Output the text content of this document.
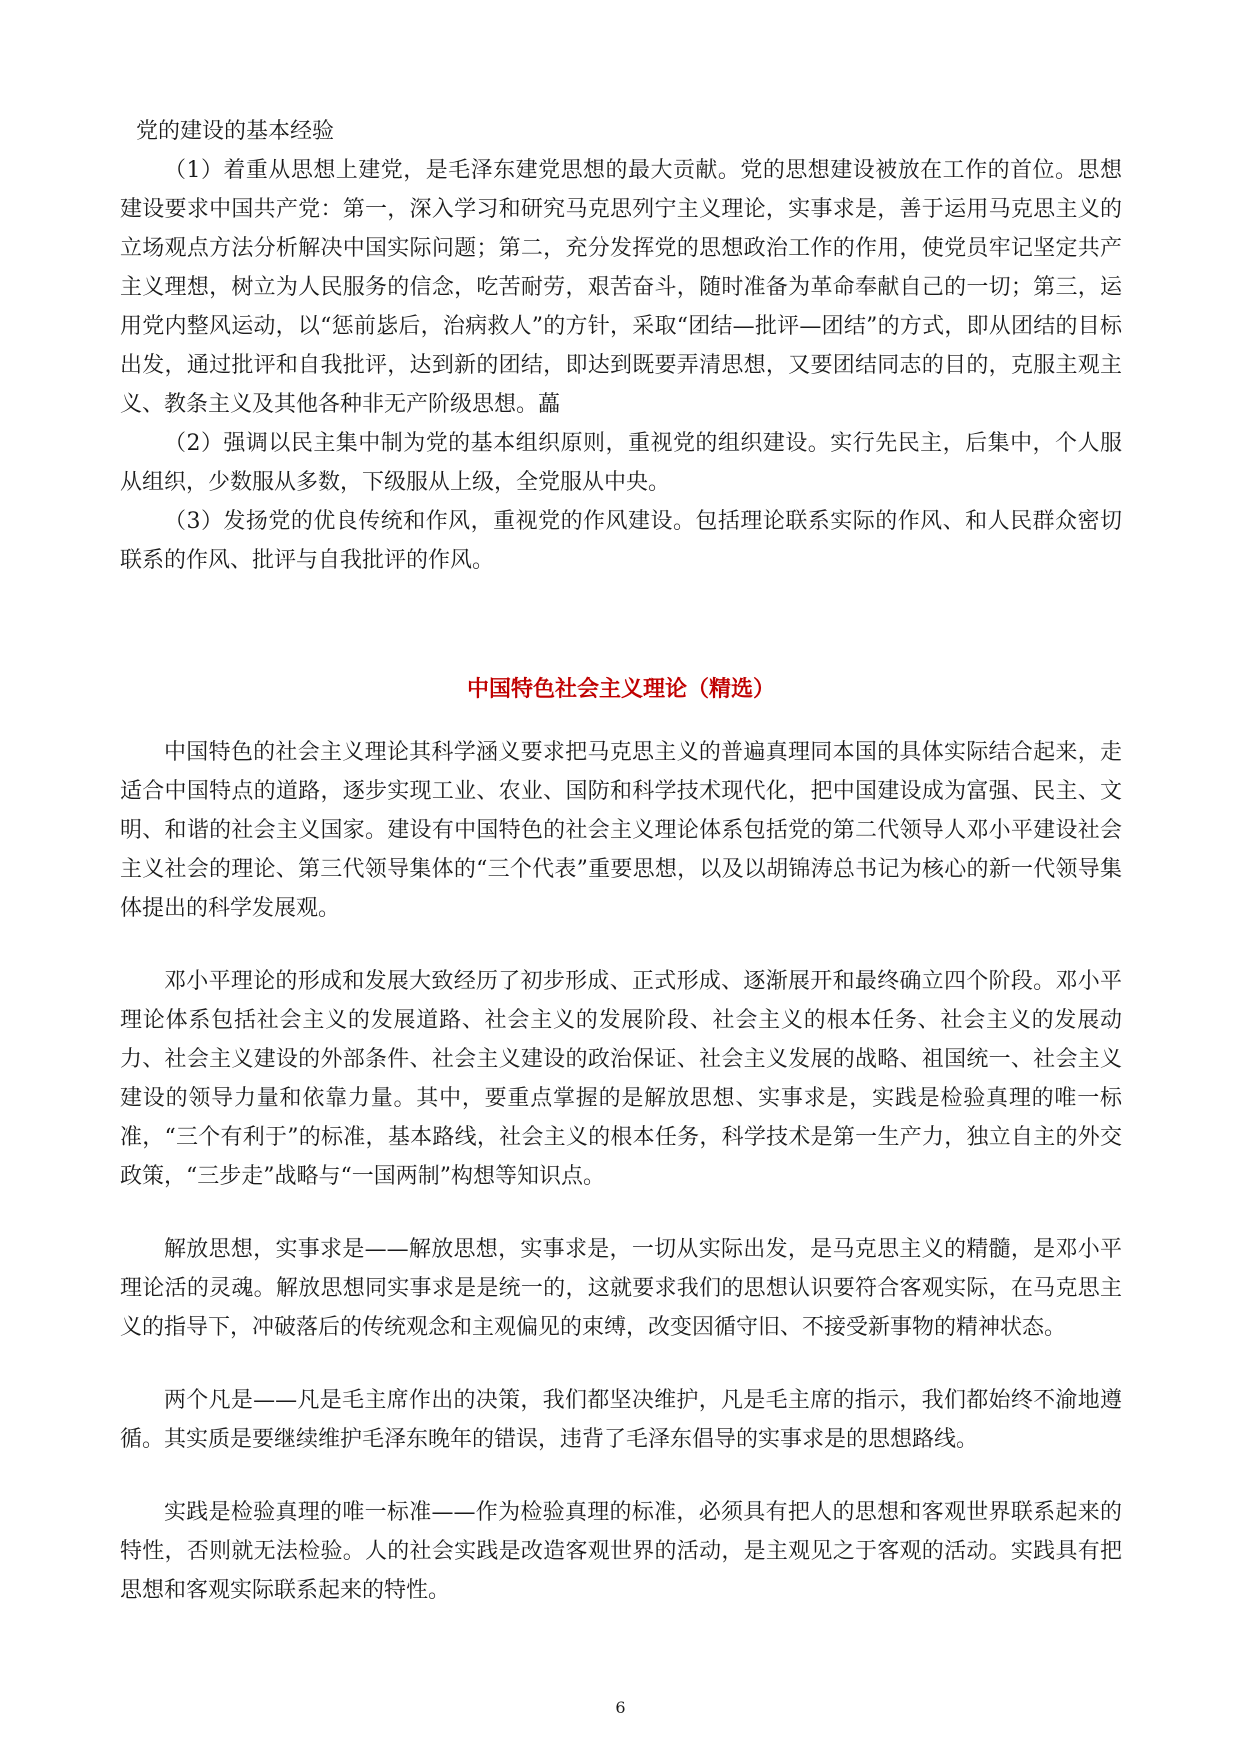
党的建设的基本经验

（1）着重从思想上建党，是毛泽东建党思想的最大贡献。党的思想建设被放在工作的首位。思想建设要求中国共产党：第一，深入学习和研究马克思列宁主义理论，实事求是，善于运用马克思主义的立场观点方法分析解决中国实际问题；第二，充分发挥党的思想政治工作的作用，使党员牢记坚定共产主义理想，树立为人民服务的信念，吃苦耐劳，艰苦奋斗，随时准备为革命奉献自己的一切；第三，运用党内整风运动，以“惩前毖后，治病救人”的方针，采取“团结—批评—团结”的方式，即从团结的目标出发，通过批评和自我批评，达到新的团结，即达到既要弄清思想，又要团结同志的目的，克服主观主义、教条主义及其他各种非无产阶级思想。藟

（2）强调以民主集中制为党的基本组织原则，重视党的组织建设。实行先民主，后集中，个人服从组织，少数服从多数，下级服从上级，全党服从中央。

（3）发扬党的优良传统和作风，重视党的作风建设。包括理论联系实际的作风、和人民群众密切联系的作风、批评与自我批评的作风。

中国特色社会主义理论（精选）

中国特色的社会主义理论其科学涵义要求把马克思主义的普遍真理同本国的具体实际结合起来，走适合中国特点的道路，逐步实现工业、农业、国防和科学技术现代化，把中国建设成为富强、民主、文明、和谐的社会主义国家。建设有中国特色的社会主义理论体系包括党的第二代领导人邓小平建设社会主义社会的理论、第三代领导集体的“三个代表”重要思想，以及以胡锦涛总书记为核心的新一代领导集体提出的科学发展观。

邓小平理论的形成和发展大致经历了初步形成、正式形成、逐渐展开和最终确立四个阶段。邓小平理论体系包括社会主义的发展道路、社会主义的发展阶段、社会主义的根本任务、社会主义的发展动力、社会主义建设的外部条件、社会主义建设的政治保证、社会主义发展的战略、祖国统一、社会主义建设的领导力量和依靠力量。其中，要重点掌握的是解放思想、实事求是，实践是检验真理的唯一标准，“三个有利于”的标准，基本路线，社会主义的根本任务，科学技术是第一生产力，独立自主的外交政策，“三步走”战略与“一国两制”构想等知识点。

解放思想，实事求是——解放思想，实事求是，一切从实际出发，是马克思主义的精髓，是邓小平理论活的灵魂。解放思想同实事求是是统一的，这就要求我们的思想认识要符合客观实际，在马克思主义的指导下，冲破落后的传统观念和主观偏见的束缚，改变因循守旧、不接受新事物的精神状态。

两个凡是——凡是毛主席作出的决策，我们都坚决维护，凡是毛主席的指示，我们都始终不渝地遵循。其实质是要继续维护毛泽东晚年的错误，违背了毛泽东倡导的实事求是的思想路线。

实践是检验真理的唯一标准——作为检验真理的标准，必须具有把人的思想和客观世界联系起来的特性，否则就无法检验。人的社会实践是改造客观世界的活动，是主观见之于客观的活动。实践具有把思想和客观实际联系起来的特性。

6
